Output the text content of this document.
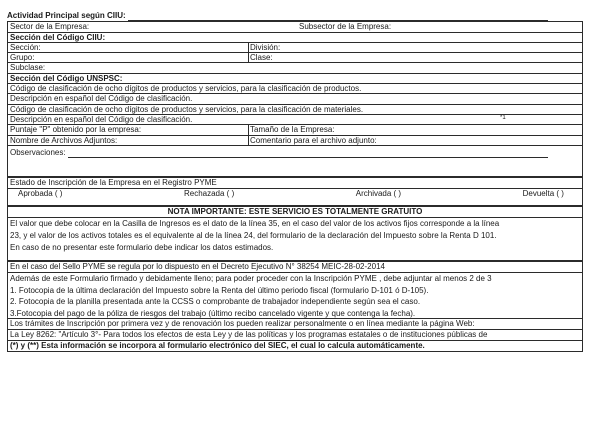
Actividad Principal según CIIU:
Sector de la Empresa:	Subsector de la Empresa:
Sección del Código CIIU:
Sección:	División:
Grupo:	Clase:
Subclase:
Sección del Código UNSPSC:
Código de clasificación de ocho dígitos de productos y servicios, para la clasificación de productos.
Descripción en español del Código de clasificación.
Código de clasificación de ocho dígitos de productos y servicios, para la clasificación de materiales.
Descripción en español del Código de clasificación.	*1
Puntaje "P" obtenido por la empresa:	Tamaño de la Empresa:
Nombre de Archivos Adjuntos:	Comentario para el archivo adjunto:
Observaciones:
Estado de Inscripción de la Empresa en el Registro PYME
Aprobada ( )	Rechazada ( )	Archivada ( )	Devuelta ( )
NOTA IMPORTANTE: ESTE SERVICIO ES TOTALMENTE GRATUITO
El valor que debe colocar en la Casilla de Ingresos es el dato de la línea 35, en el caso del valor de los activos fijos corresponde a la línea
23, y el valor de los activos totales es el equivalente al de la línea 24, del formulario de la declaración del Impuesto sobre la Renta D 101.
En caso de no presentar este formulario debe indicar los datos estimados.
En el caso del Sello PYME se regula por lo dispuesto en el Decreto Ejecutivo N° 38254 MEIC-28-02-2014
Además de este Formulario firmado y debidamente lleno; para poder proceder con la Inscripción PYME , debe adjuntar al menos 2 de 3
1. Fotocopia de la última declaración del Impuesto sobre la Renta del último periodo fiscal (formulario D-101 ó D-105).
2. Fotocopia de la planilla presentada ante la CCSS o comprobante de trabajador independiente según sea el caso.
3.Fotocopia del pago de la póliza de riesgos del trabajo (último recibo cancelado vigente y que contenga la fecha).
Los trámites de Inscripción por primera vez y de renovación los pueden realizar personalmente o en línea mediante la página Web:
La Ley 8262: "Artículo 3°- Para todos los efectos de esta Ley y de las políticas y los programas estatales o de instituciones públicas de
(*) y (**) Esta información se incorpora al formulario electrónico del SIEC, el cual lo calcula automáticamente.
